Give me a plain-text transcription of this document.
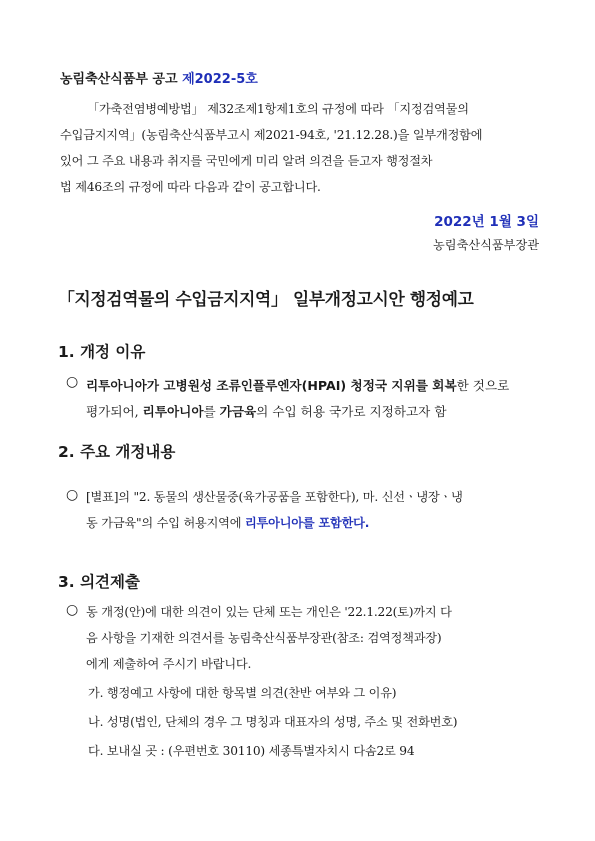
농림축산식품부 공고 제2022-5호
「가축전염병예방법」 제32조제1항제1호의 규정에 따라 「지정검역물의
수입금지지역」(농림축산식품부고시 제2021-94호, '21.12.28.)을 일부개정함에
있어 그 주요 내용과 취지를 국민에게 미리 알려 의견을 듣고자 행정절차
법 제46조의 규정에 따라 다음과 같이 공고합니다.
2022년 1월 3일
농림축산식품부장관
「지정검역물의 수입금지지역」 일부개정고시안 행정예고
1. 개정 이유
○ 리투아니아가 고병원성 조류인플루엔자(HPAI) 청정국 지위를 회복한 것으로
평가되어, 리투아니아를 가금육의 수입 허용 국가로 지정하고자 함
2. 주요 개정내용
○ [별표]의 "2. 동물의 생산물중(육가공품을 포함한다), 마. 신선ㆍ냉장ㆍ냉
동 가금육"의 수입 허용지역에 리투아니아를 포함한다.
3. 의견제출
○ 동 개정(안)에 대한 의견이 있는 단체 또는 개인은 '22.1.22(토)까지 다
음 사항을 기재한 의견서를 농림축산식품부장관(참조: 검역정책과장)
에게 제출하여 주시기 바랍니다.
가. 행정예고 사항에 대한 항목별 의견(찬반 여부와 그 이유)
나. 성명(법인, 단체의 경우 그 명칭과 대표자의 성명, 주소 및 전화번호)
다. 보내실 곳 : (우편번호 30110) 세종특별자치시 다솜2로 94
